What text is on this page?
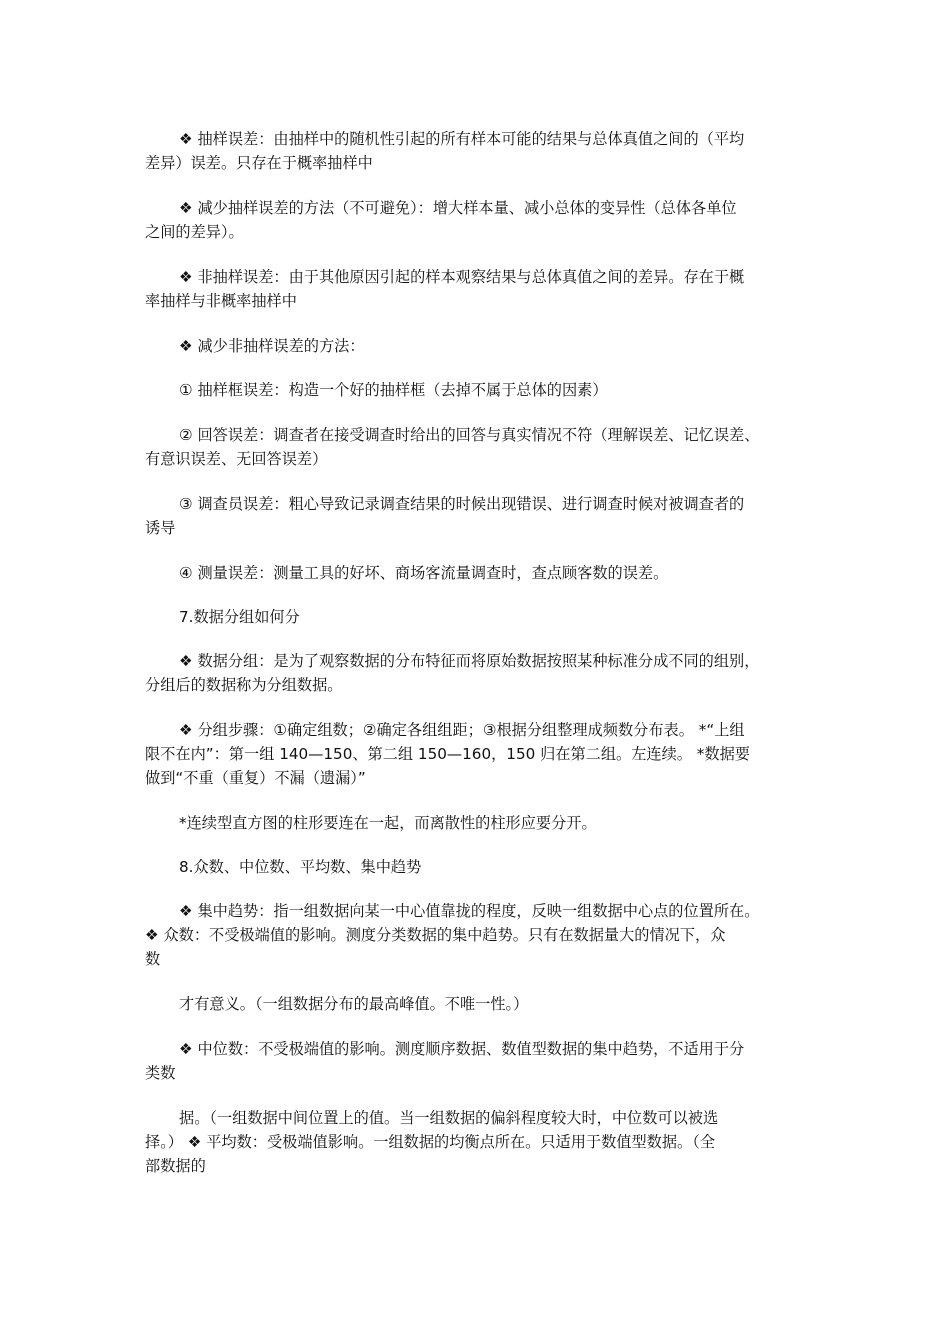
❖ 抽样误差：由抽样中的随机性引起的所有样本可能的结果与总体真值之间的（平均
差异）误差。只存在于概率抽样中
❖ 减少抽样误差的方法（不可避免）：增大样本量、减小总体的变异性（总体各单位
之间的差异）。
❖ 非抽样误差：由于其他原因引起的样本观察结果与总体真值之间的差异。存在于概
率抽样与非概率抽样中
❖ 减少非抽样误差的方法：
① 抽样框误差：构造一个好的抽样框（去掉不属于总体的因素）
② 回答误差：调查者在接受调查时给出的回答与真实情况不符（理解误差、记忆误差、
有意识误差、无回答误差）
③ 调查员误差：粗心导致记录调查结果的时候出现错误、进行调查时候对被调查者的
诱导
④ 测量误差：测量工具的好坏、商场客流量调查时，查点顾客数的误差。
7.数据分组如何分
❖ 数据分组：是为了观察数据的分布特征而将原始数据按照某种标准分成不同的组别，
分组后的数据称为分组数据。
❖ 分组步骤：①确定组数；②确定各组组距；③根据分组整理成频数分布表。 *“上组
限不在内”：第一组 140—150、第二组 150—160，150 归在第二组。左连续。 *数据要
做到“不重（重复）不漏（遗漏）”
*连续型直方图的柱形要连在一起，而离散性的柱形应要分开。
8.众数、中位数、平均数、集中趋势
❖ 集中趋势：指一组数据向某一中心值靠拢的程度，反映一组数据中心点的位置所在。
❖ 众数：不受极端值的影响。测度分类数据的集中趋势。只有在数据量大的情况下，众
数
才有意义。（一组数据分布的最高峰值。不唯一性。）
❖ 中位数：不受极端值的影响。测度顺序数据、数值型数据的集中趋势，不适用于分
类数
据。（一组数据中间位置上的值。当一组数据的偏斜程度较大时，中位数可以被选
择。） ❖ 平均数：受极端值影响。一组数据的均衡点所在。只适用于数值型数据。（全
部数据的
